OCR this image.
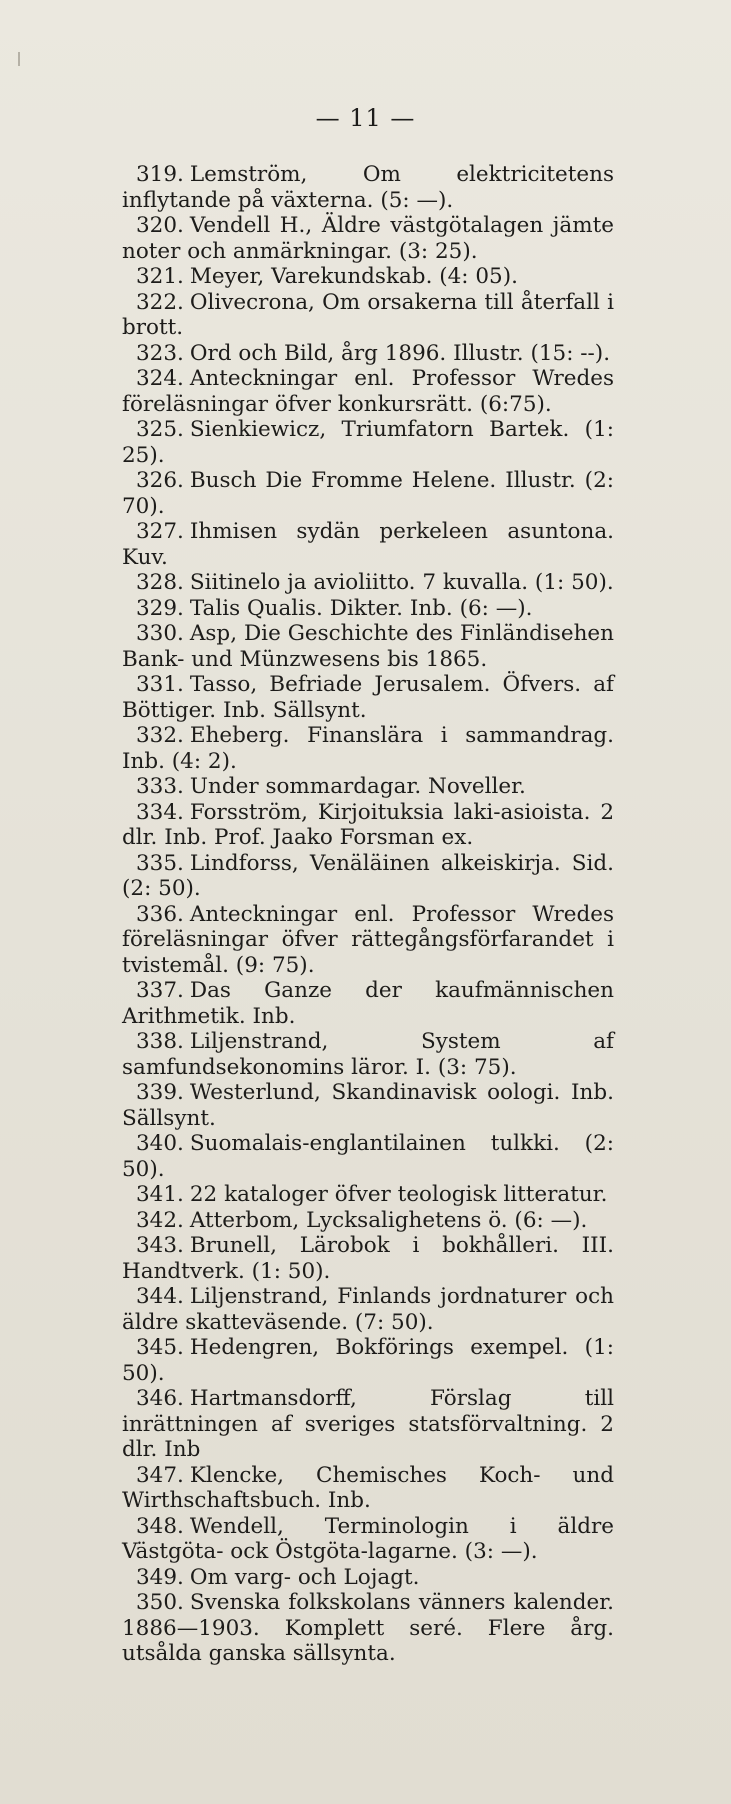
— 11 —

319. Lemström, Om elektricitetens inflytande på växterna. (5: —).

320. Vendell H., Äldre västgötalagen jämte noter och anmärkningar. (3: 25).

321. Meyer, Varekundskab. (4: 05).

322. Olivecrona, Om orsakerna till återfall i brott.

323. Ord och Bild, årg 1896. Illustr. (15: --).

324. Anteckningar enl. Professor Wredes föreläsningar öfver konkursrätt. (6:75).

325. Sienkiewicz, Triumfatorn Bartek. (1: 25).

326. Busch Die Fromme Helene. Illustr. (2: 70).

327. Ihmisen sydän perkeleen asuntona. Kuv.

328. Siitinelo ja avioliitto. 7 kuvalla. (1: 50).

329. Talis Qualis. Dikter. Inb. (6: —).

330. Asp, Die Geschichte des Finländisehen Bank- und Münzwesens bis 1865.

331. Tasso, Befriade Jerusalem. Öfvers. af Böttiger. Inb. Sällsynt.

332. Eheberg. Finanslära i sammandrag. Inb. (4: 2).

333. Under sommardagar. Noveller.

334. Forsström, Kirjoituksia laki-asioista. 2 dlr. Inb. Prof. Jaako Forsman ex.

335. Lindforss, Venäläinen alkeiskirja. Sid. (2: 50).

336. Anteckningar enl. Professor Wredes föreläsningar öfver rättegångsförfarandet i tvistemål. (9: 75).

337. Das Ganze der kaufmännischen Arithmetik. Inb.

338. Liljenstrand, System af samfundsekonomins läror. I. (3: 75).

339. Westerlund, Skandinavisk oologi. Inb. Sällsynt.

340. Suomalais-englantilainen tulkki. (2: 50).

341. 22 kataloger öfver teologisk litteratur.

342. Atterbom, Lycksalighetens ö. (6: —).

343. Brunell, Lärobok i bokhålleri. III. Handtverk. (1: 50).

344. Liljenstrand, Finlands jordnaturer och äldre skatteväsende. (7: 50).

345. Hedengren, Bokförings exempel. (1: 50).

346. Hartmansdorff, Förslag till inrättningen af sveriges statsförvaltning. 2 dlr. Inb

347. Klencke, Chemisches Koch- und Wirthschaftsbuch. Inb.

348. Wendell, Terminologin i äldre Västgöta- ock Östgöta-lagarne. (3: —).

349. Om varg- och Lojagt.

350. Svenska folkskolans vänners kalender. 1886—1903. Komplett seré. Flere årg. utsålda ganska sällsynta.
